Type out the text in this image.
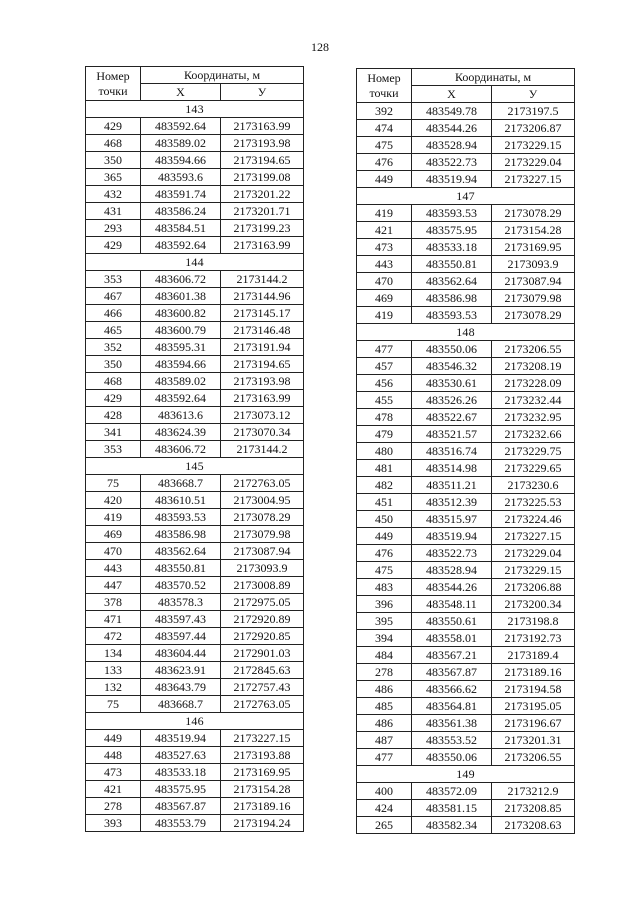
128
Номер точки	Координаты, м	
	X	У
143		
429	483592.64	2173163.99
468	483589.02	2173193.98
350	483594.66	2173194.65
365	483593.6	2173199.08
432	483591.74	2173201.22
431	483586.24	2173201.71
293	483584.51	2173199.23
429	483592.64	2173163.99
144		
353	483606.72	2173144.2
467	483601.38	2173144.96
466	483600.82	2173145.17
465	483600.79	2173146.48
352	483595.31	2173191.94
350	483594.66	2173194.65
468	483589.02	2173193.98
429	483592.64	2173163.99
428	483613.6	2173073.12
341	483624.39	2173070.34
353	483606.72	2173144.2
145		
75	483668.7	2172763.05
420	483610.51	2173004.95
419	483593.53	2173078.29
469	483586.98	2173079.98
470	483562.64	2173087.94
443	483550.81	2173093.9
447	483570.52	2173008.89
378	483578.3	2172975.05
471	483597.43	2172920.89
472	483597.44	2172920.85
134	483604.44	2172901.03
133	483623.91	2172845.63
132	483643.79	2172757.43
75	483668.7	2172763.05
146		
449	483519.94	2173227.15
448	483527.63	2173193.88
473	483533.18	2173169.95
421	483575.95	2173154.28
278	483567.87	2173189.16
393	483553.79	2173194.24
Номер точки	Координаты, м	
	X	У
392	483549.78	2173197.5
474	483544.26	2173206.87
475	483528.94	2173229.15
476	483522.73	2173229.04
449	483519.94	2173227.15
147		
419	483593.53	2173078.29
421	483575.95	2173154.28
473	483533.18	2173169.95
443	483550.81	2173093.9
470	483562.64	2173087.94
469	483586.98	2173079.98
419	483593.53	2173078.29
148		
477	483550.06	2173206.55
457	483546.32	2173208.19
456	483530.61	2173228.09
455	483526.26	2173232.44
478	483522.67	2173232.95
479	483521.57	2173232.66
480	483516.74	2173229.75
481	483514.98	2173229.65
482	483511.21	2173230.6
451	483512.39	2173225.53
450	483515.97	2173224.46
449	483519.94	2173227.15
476	483522.73	2173229.04
475	483528.94	2173229.15
483	483544.26	2173206.88
396	483548.11	2173200.34
395	483550.61	2173198.8
394	483558.01	2173192.73
484	483567.21	2173189.4
278	483567.87	2173189.16
486	483566.62	2173194.58
485	483564.81	2173195.05
486	483561.38	2173196.67
487	483553.52	2173201.31
477	483550.06	2173206.55
149		
400	483572.09	2173212.9
424	483581.15	2173208.85
265	483582.34	2173208.63
